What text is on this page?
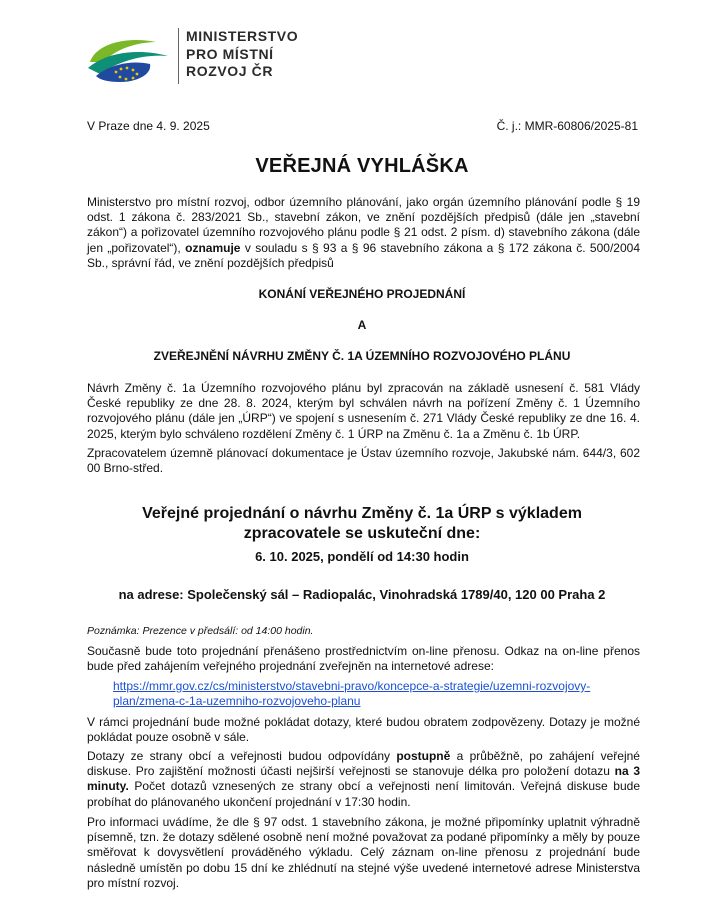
MINISTERSTVO
PRO MÍSTNÍ
ROZVOJ ČR
V Praze dne 4. 9. 2025	Č. j.: MMR-60806/2025-81
VEŘEJNÁ VYHLÁŠKA
Ministerstvo pro místní rozvoj, odbor územního plánování, jako orgán územního plánování podle § 19 odst. 1 zákona č. 283/2021 Sb., stavební zákon, ve znění pozdějších předpisů (dále jen „stavební zákon“) a pořizovatel územního rozvojového plánu podle § 21 odst. 2 písm. d) stavebního zákona (dále jen „pořizovatel“), oznamuje v souladu s § 93 a § 96 stavebního zákona a § 172 zákona č. 500/2004 Sb., správní řád, ve znění pozdějších předpisů
KONÁNÍ VEŘEJNÉHO PROJEDNÁNÍ
A
ZVEŘEJNĚNÍ NÁVRHU ZMĚNY Č. 1A ÚZEMNÍHO ROZVOJOVÉHO PLÁNU
Návrh Změny č. 1a Územního rozvojového plánu byl zpracován na základě usnesení č. 581 Vlády České republiky ze dne 28. 8. 2024, kterým byl schválen návrh na pořízení Změny č. 1 Územního rozvojového plánu (dále jen „ÚRP“) ve spojení s usnesením č. 271 Vlády České republiky ze dne 16. 4. 2025, kterým bylo schváleno rozdělení Změny č. 1 ÚRP na Změnu č. 1a a Změnu č. 1b ÚRP.
Zpracovatelem územně plánovací dokumentace je Ústav územního rozvoje, Jakubské nám. 644/3, 602 00 Brno-střed.
Veřejné projednání o návrhu Změny č. 1a ÚRP s výkladem
zpracovatele se uskuteční dne:
6. 10. 2025, pondělí od 14:30 hodin
na adrese: Společenský sál – Radiopalác, Vinohradská 1789/40, 120 00 Praha 2
Poznámka: Prezence v předsálí: od 14:00 hodin.
Současně bude toto projednání přenášeno prostřednictvím on-line přenosu. Odkaz na on-line přenos bude před zahájením veřejného projednání zveřejněn na internetové adrese:
https://mmr.gov.cz/cs/ministerstvo/stavebni-pravo/koncepce-a-strategie/uzemni-rozvojovy-
plan/zmena-c-1a-uzemniho-rozvojoveho-planu
V rámci projednání bude možné pokládat dotazy, které budou obratem zodpovězeny. Dotazy je možné pokládat pouze osobně v sále.
Dotazy ze strany obcí a veřejnosti budou odpovídány postupně a průběžně, po zahájení veřejné diskuse. Pro zajištění možnosti účasti nejširší veřejnosti se stanovuje délka pro položení dotazu na 3 minuty. Počet dotazů vznesených ze strany obcí a veřejnosti není limitován. Veřejná diskuse bude probíhat do plánovaného ukončení projednání v 17:30 hodin.
Pro informaci uvádíme, že dle § 97 odst. 1 stavebního zákona, je možné připomínky uplatnit výhradně písemně, tzn. že dotazy sdělené osobně není možné považovat za podané připomínky a měly by pouze směřovat k dovysvětlení prováděného výkladu. Celý záznam on-line přenosu z projednání bude následně umístěn po dobu 15 dní ke zhlédnutí na stejné výše uvedené internetové adrese Ministerstva pro místní rozvoj.
